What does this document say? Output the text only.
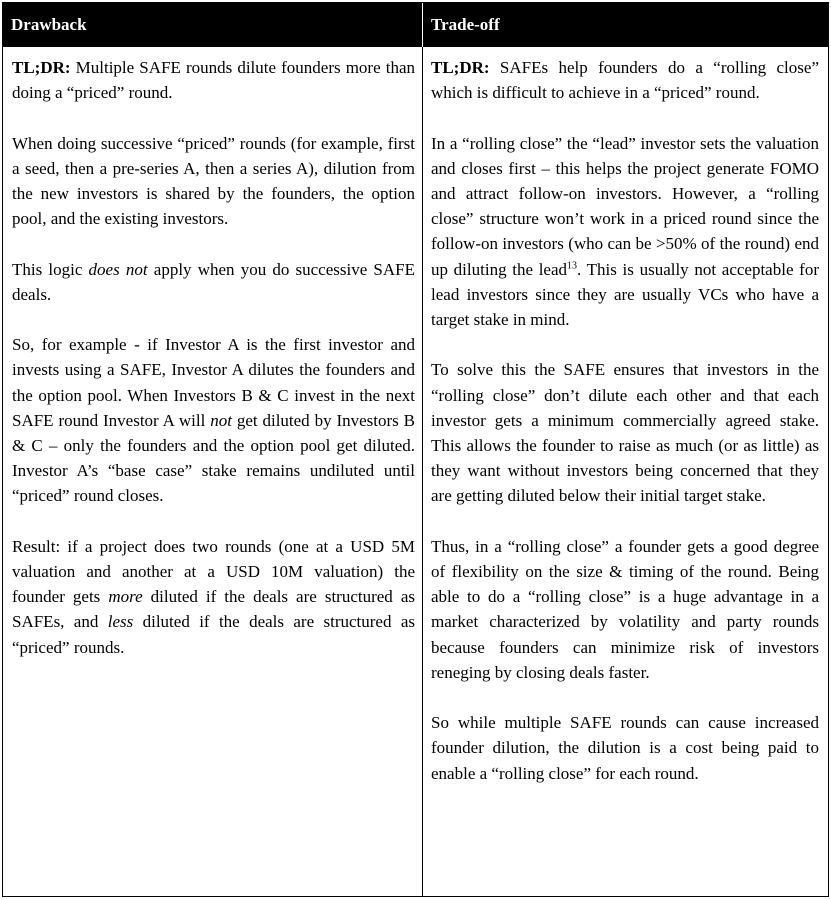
Drawback	Trade-off

TL;DR: Multiple SAFE rounds dilute founders more than doing a “priced” round.

When doing successive “priced” rounds (for example, first a seed, then a pre-series A, then a series A), dilution from the new investors is shared by the founders, the option pool, and the existing investors.

This logic does not apply when you do successive SAFE deals.

So, for example - if Investor A is the first investor and invests using a SAFE, Investor A dilutes the founders and the option pool. When Investors B & C invest in the next SAFE round Investor A will not get diluted by Investors B & C – only the founders and the option pool get diluted. Investor A’s “base case” stake remains undiluted until “priced” round closes.

Result: if a project does two rounds (one at a USD 5M valuation and another at a USD 10M valuation) the founder gets more diluted if the deals are structured as SAFEs, and less diluted if the deals are structured as “priced” rounds.

TL;DR: SAFEs help founders do a “rolling close” which is difficult to achieve in a “priced” round.

In a “rolling close” the “lead” investor sets the valuation and closes first – this helps the project generate FOMO and attract follow-on investors. However, a “rolling close” structure won’t work in a priced round since the follow-on investors (who can be >50% of the round) end up diluting the lead$^{13}$. This is usually not acceptable for lead investors since they are usually VCs who have a target stake in mind.

To solve this the SAFE ensures that investors in the “rolling close” don’t dilute each other and that each investor gets a minimum commercially agreed stake. This allows the founder to raise as much (or as little) as they want without investors being concerned that they are getting diluted below their initial target stake.

Thus, in a “rolling close” a founder gets a good degree of flexibility on the size & timing of the round. Being able to do a “rolling close” is a huge advantage in a market characterized by volatility and party rounds because founders can minimize risk of investors reneging by closing deals faster.

So while multiple SAFE rounds can cause increased founder dilution, the dilution is a cost being paid to enable a “rolling close” for each round.
